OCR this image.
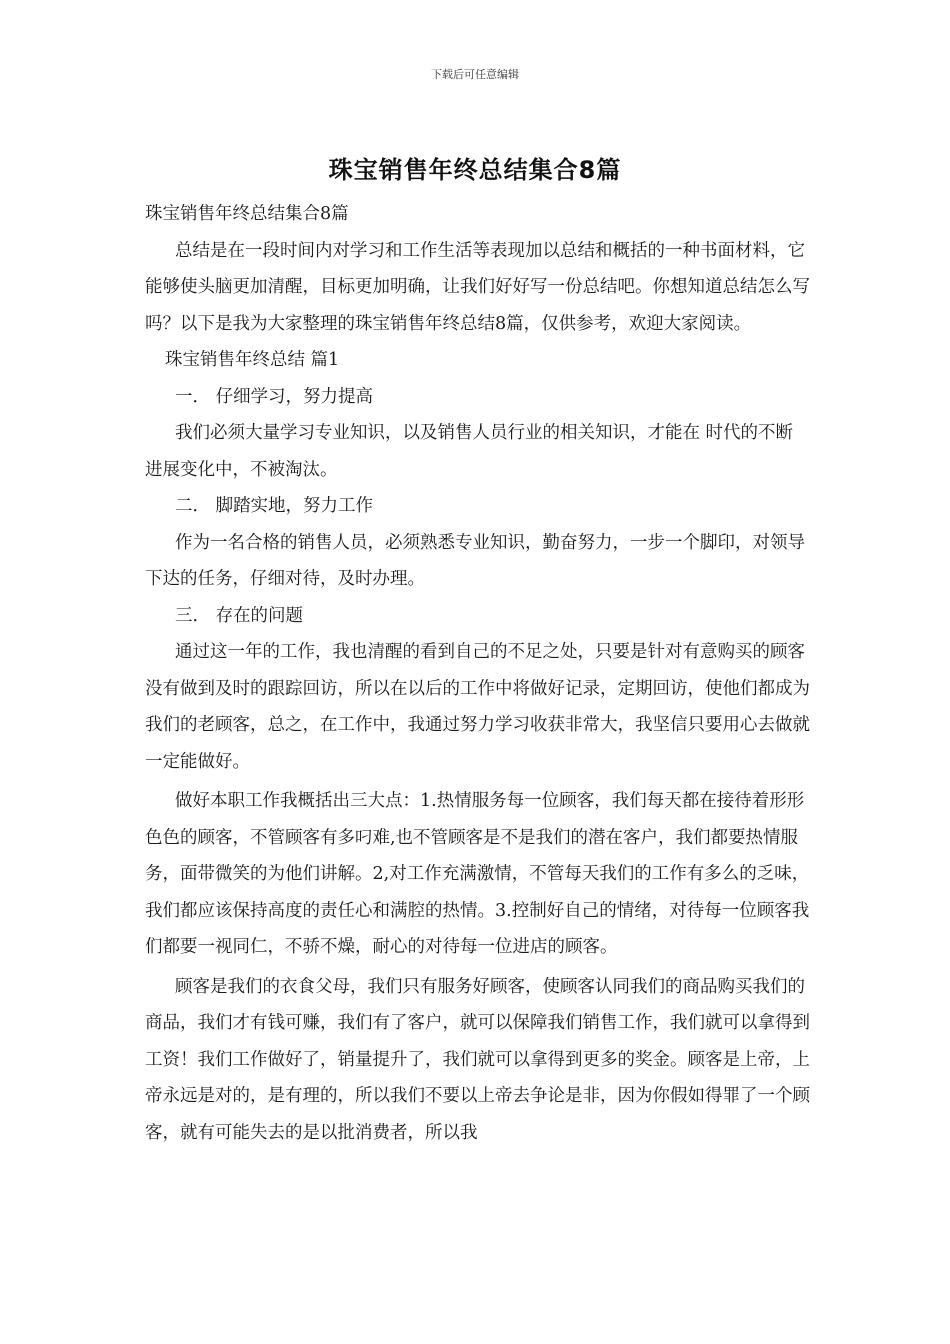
下载后可任意编辑
珠宝销售年终总结集合8篇

珠宝销售年终总结集合8篇

总结是在一段时间内对学习和工作生活等表现加以总结和概括的一种书面材料，它能够使头脑更加清醒，目标更加明确，让我们好好写一份总结吧。你想知道总结怎么写吗？以下是我为大家整理的珠宝销售年终总结8篇，仅供参考，欢迎大家阅读。

珠宝销售年终总结 篇1

一． 仔细学习，努力提高

我们必须大量学习专业知识，以及销售人员行业的相关知识，才能在 时代的不断进展变化中，不被淘汰。

二． 脚踏实地，努力工作

作为一名合格的销售人员，必须熟悉专业知识，勤奋努力，一步一个脚印，对领导下达的任务，仔细对待，及时办理。

三． 存在的问题

通过这一年的工作，我也清醒的看到自己的不足之处，只要是针对有意购买的顾客没有做到及时的跟踪回访，所以在以后的工作中将做好记录，定期回访，使他们都成为我们的老顾客，总之，在工作中，我通过努力学习收获非常大，我坚信只要用心去做就一定能做好。

做好本职工作我概括出三大点：1.热情服务每一位顾客，我们每天都在接待着形形色色的顾客，不管顾客有多叼难,也不管顾客是不是我们的潜在客户，我们都要热情服务，面带微笑的为他们讲解。2,对工作充满激情，不管每天我们的工作有多么的乏味，我们都应该保持高度的责任心和满腔的热情。3.控制好自己的情绪，对待每一位顾客我们都要一视同仁，不骄不燥，耐心的对待每一位进店的顾客。

顾客是我们的衣食父母，我们只有服务好顾客，使顾客认同我们的商品购买我们的商品，我们才有钱可赚，我们有了客户，就可以保障我们销售工作，我们就可以拿得到工资！我们工作做好了，销量提升了，我们就可以拿得到更多的奖金。顾客是上帝，上帝永远是对的，是有理的，所以我们不要以上帝去争论是非，因为你假如得罪了一个顾客，就有可能失去的是以批消费者，所以我
